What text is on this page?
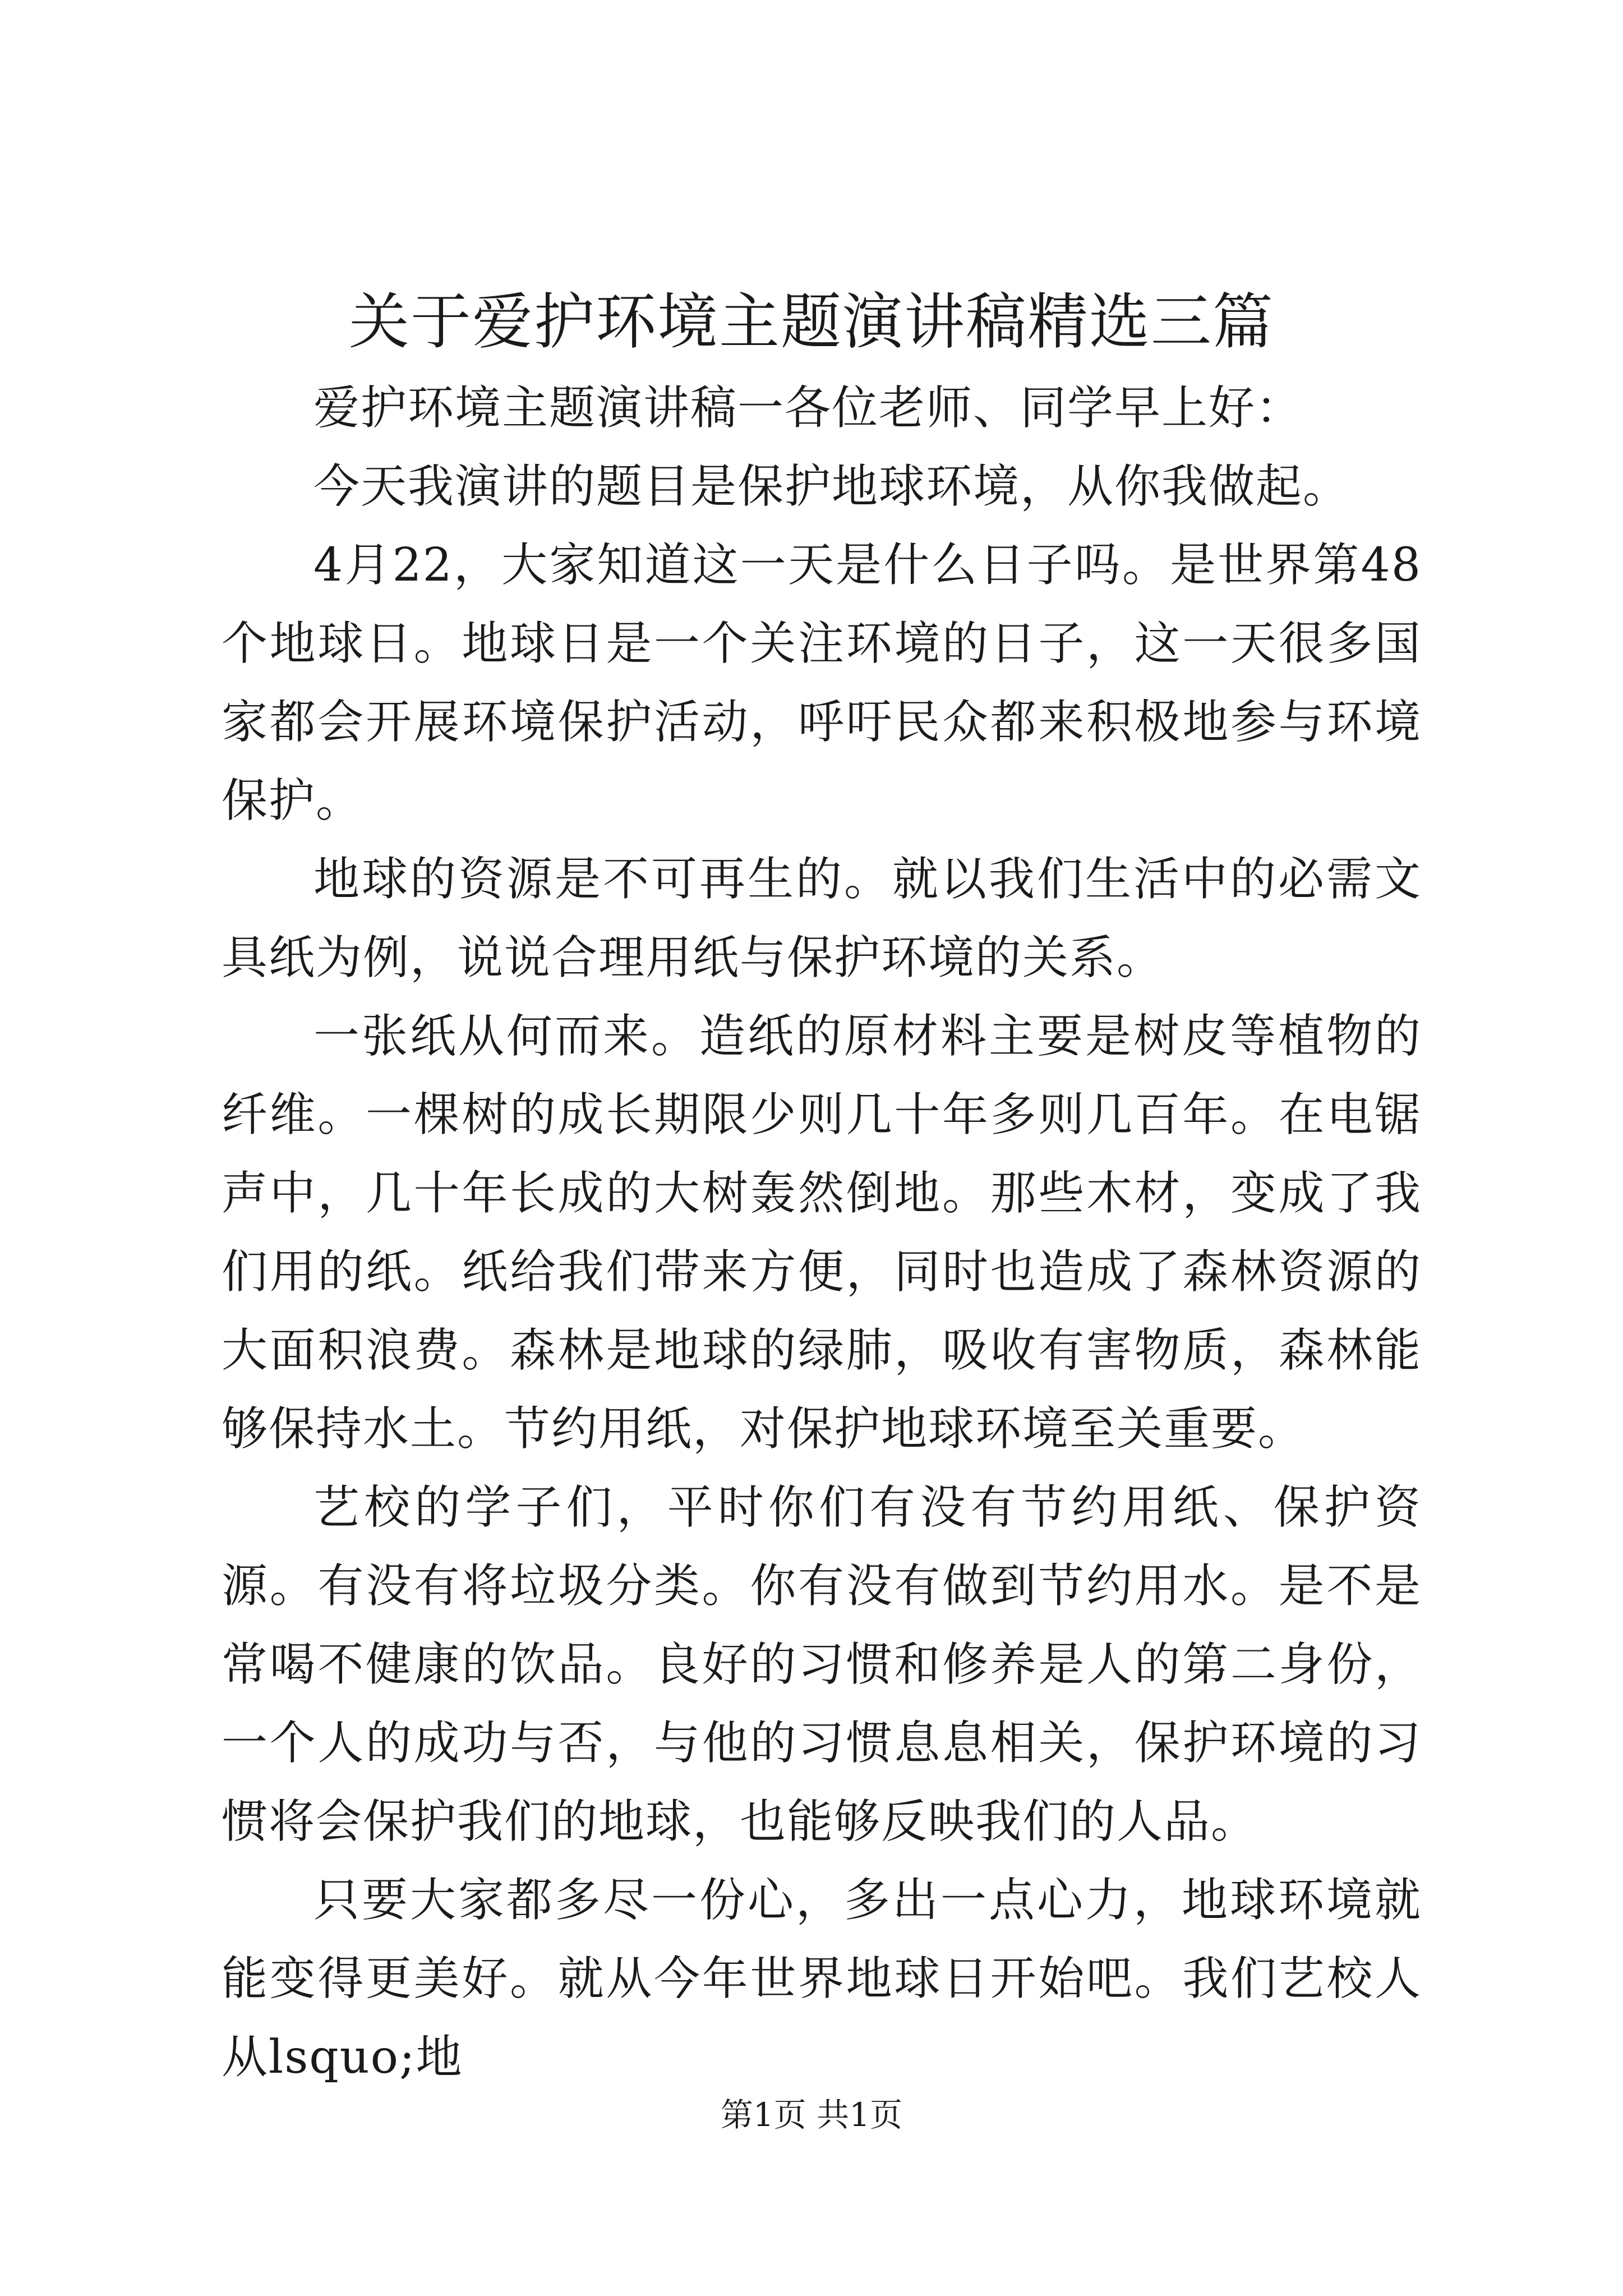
关于爱护环境主题演讲稿精选三篇

爱护环境主题演讲稿一各位老师、同学早上好：

今天我演讲的题目是保护地球环境，从你我做起。

4月22，大家知道这一天是什么日子吗。是世界第48个地球日。地球日是一个关注环境的日子，这一天很多国家都会开展环境保护活动，呼吁民众都来积极地参与环境保护。

地球的资源是不可再生的。就以我们生活中的必需文具纸为例，说说合理用纸与保护环境的关系。

一张纸从何而来。造纸的原材料主要是树皮等植物的纤维。一棵树的成长期限少则几十年多则几百年。在电锯声中，几十年长成的大树轰然倒地。那些木材，变成了我们用的纸。纸给我们带来方便，同时也造成了森林资源的大面积浪费。森林是地球的绿肺，吸收有害物质，森林能够保持水土。节约用纸，对保护地球环境至关重要。

艺校的学子们，平时你们有没有节约用纸、保护资源。有没有将垃圾分类。你有没有做到节约用水。是不是常喝不健康的饮品。良好的习惯和修养是人的第二身份，一个人的成功与否，与他的习惯息息相关，保护环境的习惯将会保护我们的地球，也能够反映我们的人品。

只要大家都多尽一份心，多出一点心力，地球环境就能变得更美好。就从今年世界地球日开始吧。我们艺校人从lsquo;地

第1页 共1页
